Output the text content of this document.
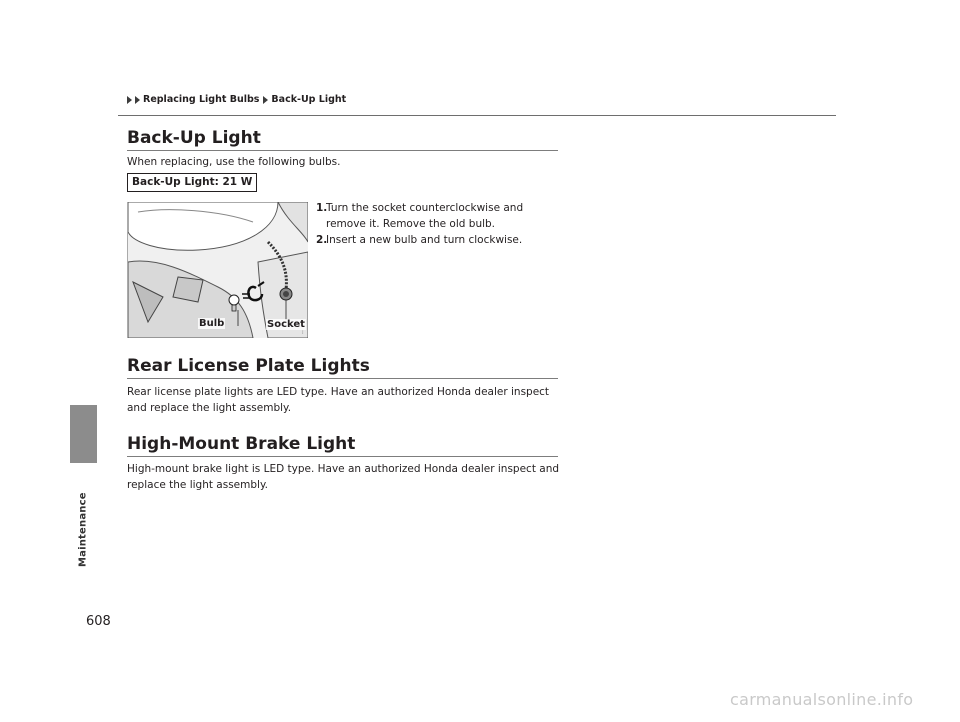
Replacing Light Bulbs Back-Up Light
Maintenance
Back-Up Light
When replacing, use the following bulbs.
Back-Up Light: 21 W
1.
Turn the socket counterclockwise and remove it. Remove the old bulb.
2.
Insert a new bulb and turn clockwise.
⁞
Bulb	Socket
Rear License Plate Lights
Rear license plate lights are LED type. Have an authorized Honda dealer inspect and replace the light assembly.
High-Mount Brake Light
High-mount brake light is LED type. Have an authorized Honda dealer inspect and replace the light assembly.
608
carmanualsonline.info
